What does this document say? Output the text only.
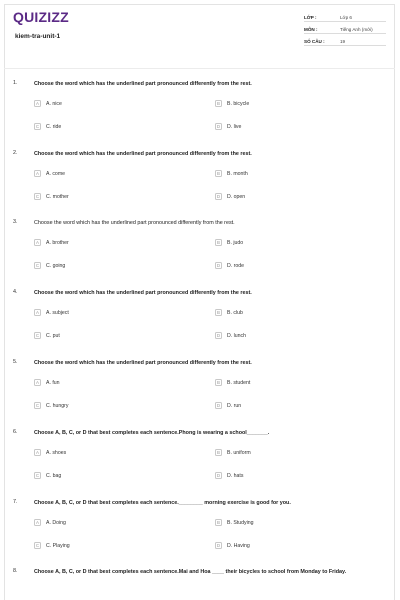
QUIZIZZ
kiem-tra-unit-1
LỚP :	Lớp 6
MÔN :	Tiếng Anh (mới)
SỐ CÂU :	19
1.	Choose the word which has the underlined part pronounced differently from the rest.
A	A. nice	B	B. bicycle
C	C. ride	D	D. live
2.	Choose the word which has the underlined part pronounced differently from the rest.
A	A. come	B	B. month
C	C. mother	D	D. open
3.	Choose the word which has the underlined part pronounced differently from the rest.
A	A. brother	B	B. judo
C	C. going	D	D. rode
4.	Choose the word which has the underlined part pronounced differently from the rest.
A	A. subject	B	B. club
C	C. put	D	D. lunch
5.	Choose the word which has the underlined part pronounced differently from the rest.
A	A. fun	B	B. student
C	C. hungry	D	D. run
6.	Choose A, B, C, or D that best completes each sentence.Phong is wearing a school_______.
A	A. shoes	B	B. uniform
C	C. bag	D	D. hats
7.	Choose A, B, C, or D that best completes each sentence.________ morning exercise is good for you.
A	A. Doing	B	B. Studying
C	C. Playing	D	D. Having
8.	Choose A, B, C, or D that best completes each sentence.Mai and Hoa ____ their bicycles to school from Monday to Friday.
